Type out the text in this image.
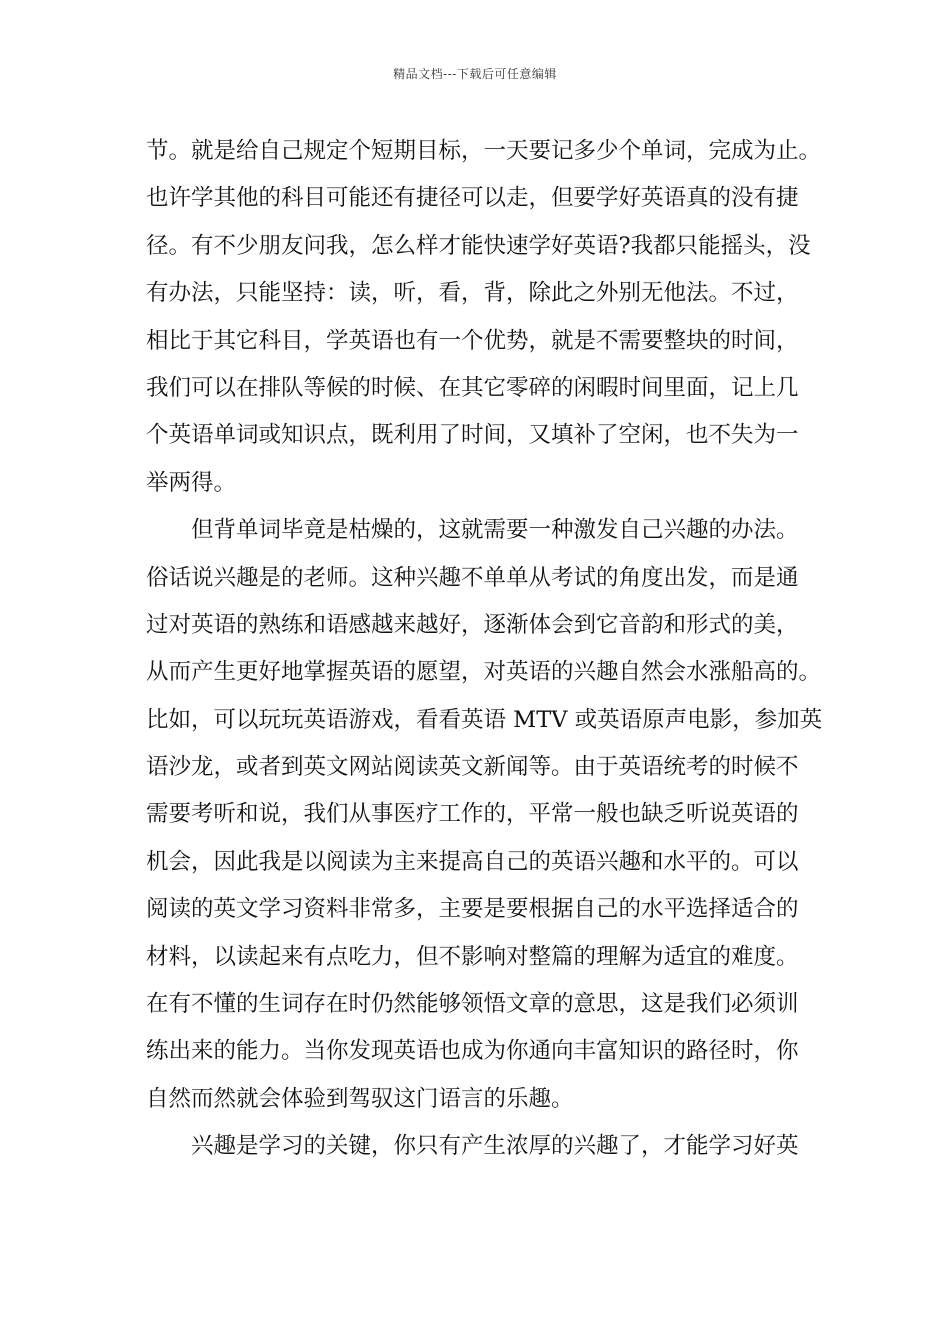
精品文档---下载后可任意编辑
节。就是给自己规定个短期目标，一天要记多少个单词，完成为止。
也许学其他的科目可能还有捷径可以走，但要学好英语真的没有捷
径。有不少朋友问我，怎么样才能快速学好英语?我都只能摇头，没
有办法，只能坚持：读，听，看，背，除此之外别无他法。不过，
相比于其它科目，学英语也有一个优势，就是不需要整块的时间，
我们可以在排队等候的时候、在其它零碎的闲暇时间里面，记上几
个英语单词或知识点，既利用了时间，又填补了空闲，也不失为一
举两得。
但背单词毕竟是枯燥的，这就需要一种激发自己兴趣的办法。
俗话说兴趣是的老师。这种兴趣不单单从考试的角度出发，而是通
过对英语的熟练和语感越来越好，逐渐体会到它音韵和形式的美，
从而产生更好地掌握英语的愿望，对英语的兴趣自然会水涨船高的。
比如，可以玩玩英语游戏，看看英语 MTV 或英语原声电影，参加英
语沙龙，或者到英文网站阅读英文新闻等。由于英语统考的时候不
需要考听和说，我们从事医疗工作的，平常一般也缺乏听说英语的
机会，因此我是以阅读为主来提高自己的英语兴趣和水平的。可以
阅读的英文学习资料非常多，主要是要根据自己的水平选择适合的
材料，以读起来有点吃力，但不影响对整篇的理解为适宜的难度。
在有不懂的生词存在时仍然能够领悟文章的意思，这是我们必须训
练出来的能力。当你发现英语也成为你通向丰富知识的路径时，你
自然而然就会体验到驾驭这门语言的乐趣。
兴趣是学习的关键，你只有产生浓厚的兴趣了，才能学习好英
